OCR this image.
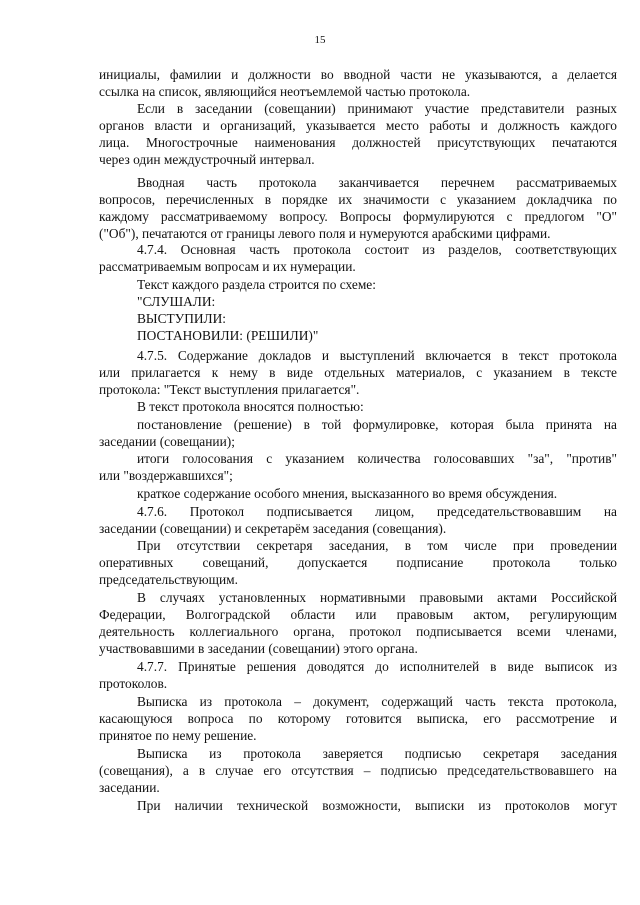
15
инициалы, фамилии и должности во вводной части не указываются, а делается
ссылка на список, являющийся неотъемлемой частью протокола.
Если в заседании (совещании) принимают участие представители разных
органов власти и организаций, указывается место работы и должность каждого
лица. Многострочные наименования должностей присутствующих печатаются
через один междустрочный интервал.
Вводная часть протокола заканчивается перечнем рассматриваемых
вопросов, перечисленных в порядке их значимости с указанием докладчика по
каждому рассматриваемому вопросу. Вопросы формулируются с предлогом "О"
("Об"), печатаются от границы левого поля и нумеруются арабскими цифрами.
4.7.4. Основная часть протокола состоит из разделов, соответствующих
рассматриваемым вопросам и их нумерации.
Текст каждого раздела строится по схеме:
"СЛУШАЛИ:
ВЫСТУПИЛИ:
ПОСТАНОВИЛИ: (РЕШИЛИ)"
4.7.5. Содержание докладов и выступлений включается в текст протокола
или прилагается к нему в виде отдельных материалов, с указанием в тексте
протокола: "Текст выступления прилагается".
В текст протокола вносятся полностью:
постановление (решение) в той формулировке, которая была принята на
заседании (совещании);
итоги голосования с указанием количества голосовавших "за", "против"
или "воздержавшихся";
краткое содержание особого мнения, высказанного во время обсуждения.
4.7.6. Протокол подписывается лицом, председательствовавшим на
заседании (совещании) и секретарём заседания (совещания).
При отсутствии секретаря заседания, в том числе при проведении
оперативных совещаний, допускается подписание протокола только
председательствующим.
В случаях установленных нормативными правовыми актами Российской
Федерации, Волгоградской области или правовым актом, регулирующим
деятельность коллегиального органа, протокол подписывается всеми членами,
участвовавшими в заседании (совещании) этого органа.
4.7.7. Принятые решения доводятся до исполнителей в виде выписок из
протоколов.
Выписка из протокола – документ, содержащий часть текста протокола,
касающуюся вопроса по которому готовится выписка, его рассмотрение и
принятое по нему решение.
Выписка из протокола заверяется подписью секретаря заседания
(совещания), а в случае его отсутствия – подписью председательствовавшего на
заседании.
При наличии технической возможности, выписки из протоколов могут
